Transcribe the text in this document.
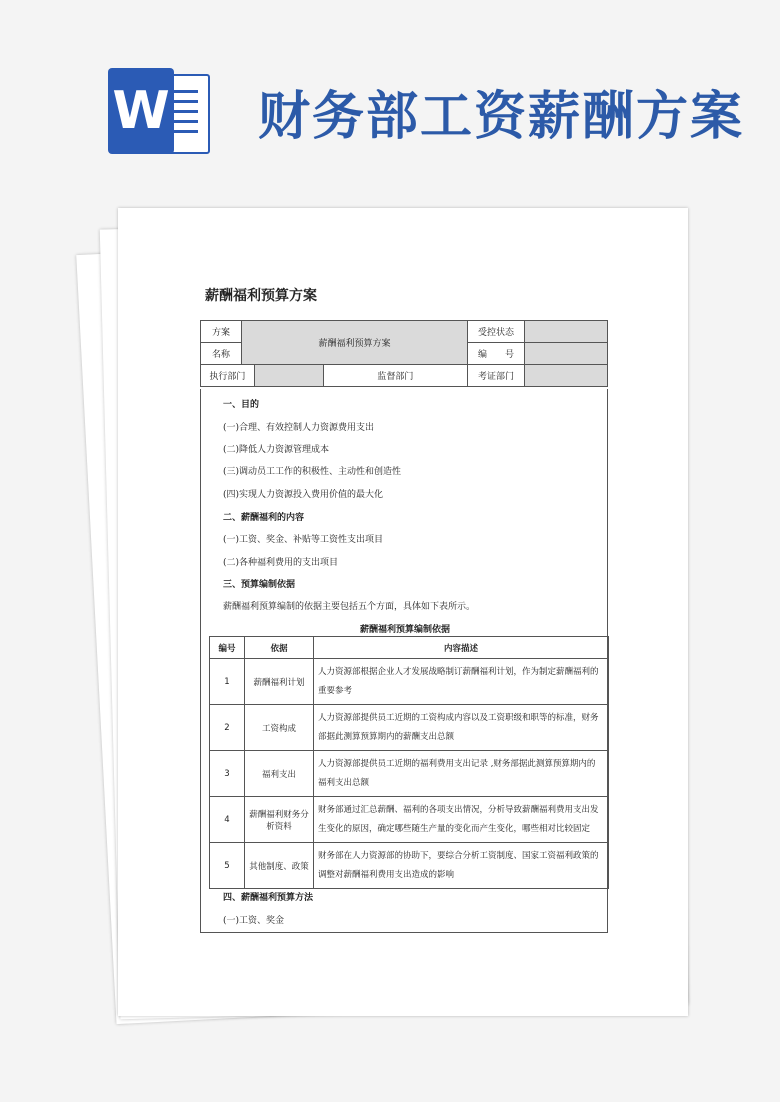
W 财务部工资薪酬方案
薪酬福利预算方案
方案	薪酬福利预算方案			受控状态	
名称				编　　号	
执行部门			监督部门	考证部门	
一、目的
(一)合理、有效控制人力资源费用支出
(二)降低人力资源管理成本
(三)调动员工工作的积极性、主动性和创造性
(四)实现人力资源投入费用价值的最大化
二、薪酬福利的内容
(一)工资、奖金、补贴等工资性支出项目
(二)各种福利费用的支出项目
三、预算编制依据
薪酬福利预算编制的依据主要包括五个方面，具体如下表所示。
薪酬福利预算编制依据
编号	依据	内容描述
1	薪酬福利计划	人力资源部根据企业人才发展战略制订薪酬福利计划，作为制定薪酬福利的
重要参考
2	工资构成	人力资源部提供员工近期的工资构成内容以及工资职级和职等的标准，财务
部据此测算预算期内的薪酬支出总额
3	福利支出	人力资源部提供员工近期的福利费用支出记录 ,财务部据此测算预算期内的
福利支出总额
4	薪酬福利财务分析资料	财务部通过汇总薪酬、福利的各项支出情况，分析导致薪酬福利费用支出发
生变化的原因，确定哪些随生产量的变化而产生变化，哪些相对比较固定
5	其他制度、政策	财务部在人力资源部的协助下，要综合分析工资制度、国家工资福利政策的
调整对薪酬福利费用支出造成的影响
四、薪酬福利预算方法
(一)工资、奖金
